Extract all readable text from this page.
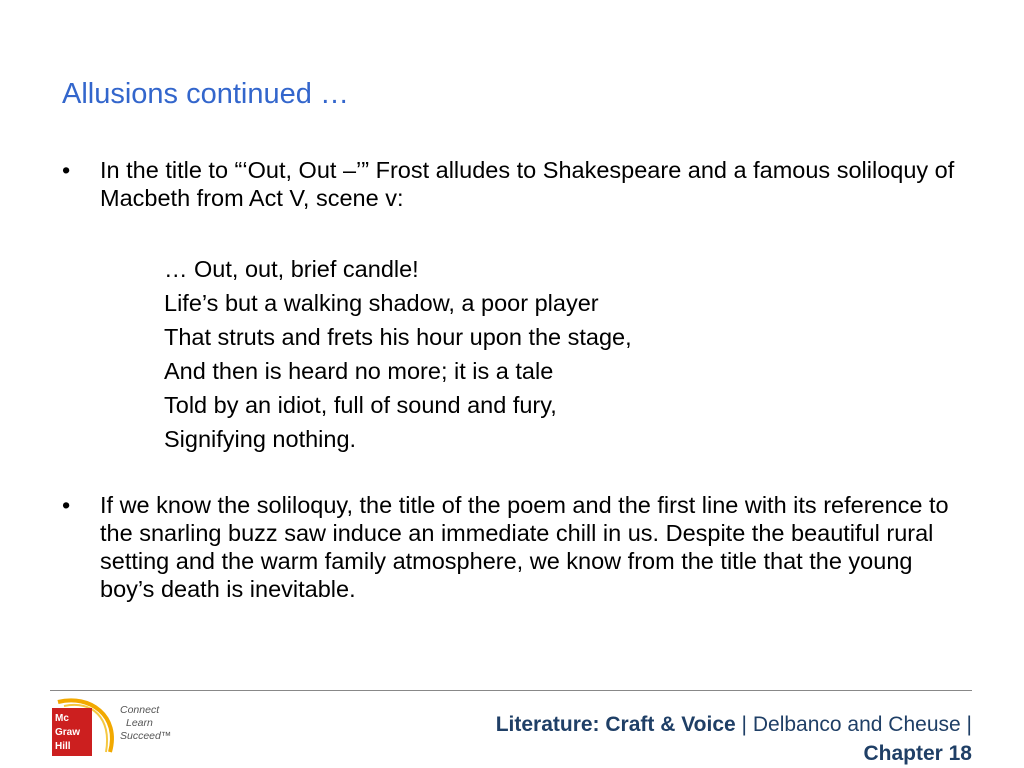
Allusions continued …
•	In the title to “‘Out, Out –’” Frost alludes to Shakespeare and a famous soliloquy of Macbeth from Act V, scene v:
… Out, out, brief candle!
Life’s but a walking shadow, a poor player
That struts and frets his hour upon the stage,
And then is heard no more; it is a tale
Told by an idiot, full of sound and fury,
Signifying nothing.
•	If we know the soliloquy, the title of the poem and the first line with its reference to the snarling buzz saw induce an immediate chill in us. Despite the beautiful rural setting and the warm family atmosphere, we know from the title that the young boy’s death is inevitable.
Mc
Graw
Hill
Connect
Learn
Succeed™	Literature: Craft & Voice | Delbanco and Cheuse |
Chapter 18
